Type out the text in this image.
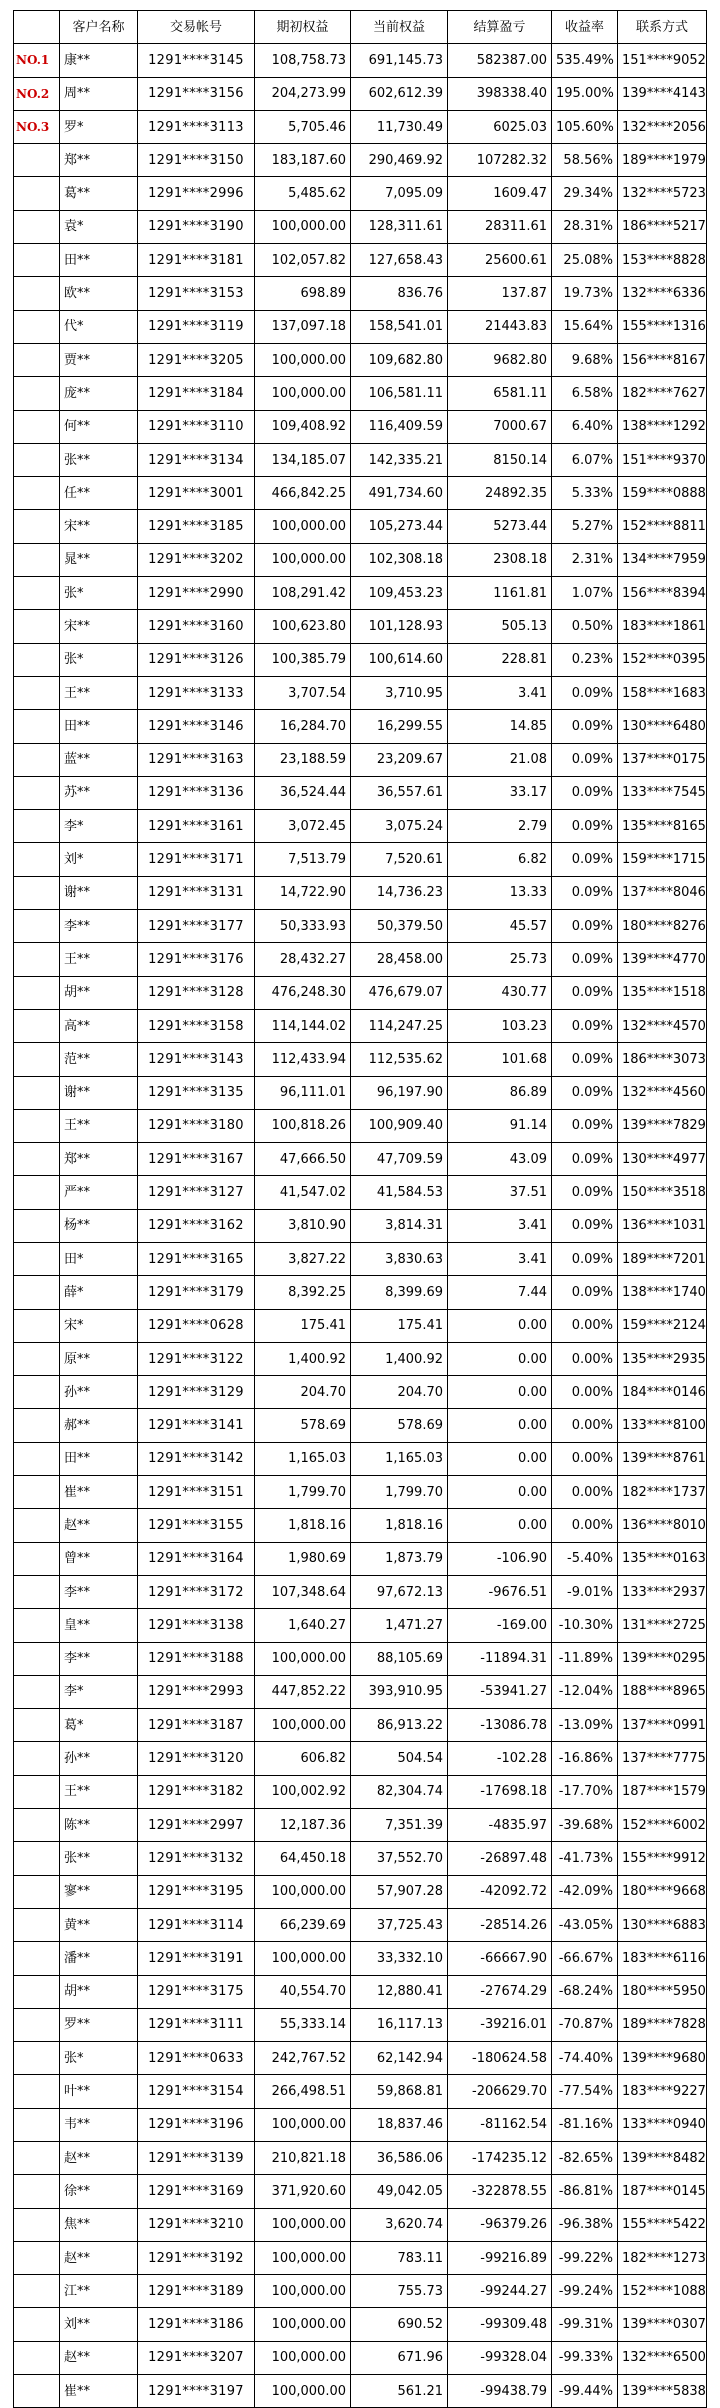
	客户名称	交易帐号	期初权益	当前权益	结算盈亏	收益率	联系方式
NO.1	康**	1291****3145	108,758.73	691,145.73	582387.00	535.49%	151****9052
NO.2	周**	1291****3156	204,273.99	602,612.39	398338.40	195.00%	139****4143
NO.3	罗*	1291****3113	5,705.46	11,730.49	6025.03	105.60%	132****2056
	郑**	1291****3150	183,187.60	290,469.92	107282.32	58.56%	189****1979
	葛**	1291****2996	5,485.62	7,095.09	1609.47	29.34%	132****5723
	袁*	1291****3190	100,000.00	128,311.61	28311.61	28.31%	186****5217
	田**	1291****3181	102,057.82	127,658.43	25600.61	25.08%	153****8828
	欧**	1291****3153	698.89	836.76	137.87	19.73%	132****6336
	代*	1291****3119	137,097.18	158,541.01	21443.83	15.64%	155****1316
	贾**	1291****3205	100,000.00	109,682.80	9682.80	9.68%	156****8167
	庞**	1291****3184	100,000.00	106,581.11	6581.11	6.58%	182****7627
	何**	1291****3110	109,408.92	116,409.59	7000.67	6.40%	138****1292
	张**	1291****3134	134,185.07	142,335.21	8150.14	6.07%	151****9370
	任**	1291****3001	466,842.25	491,734.60	24892.35	5.33%	159****0888
	宋**	1291****3185	100,000.00	105,273.44	5273.44	5.27%	152****8811
	晁**	1291****3202	100,000.00	102,308.18	2308.18	2.31%	134****7959
	张*	1291****2990	108,291.42	109,453.23	1161.81	1.07%	156****8394
	宋**	1291****3160	100,623.80	101,128.93	505.13	0.50%	183****1861
	张*	1291****3126	100,385.79	100,614.60	228.81	0.23%	152****0395
	王**	1291****3133	3,707.54	3,710.95	3.41	0.09%	158****1683
	田**	1291****3146	16,284.70	16,299.55	14.85	0.09%	130****6480
	蓝**	1291****3163	23,188.59	23,209.67	21.08	0.09%	137****0175
	苏**	1291****3136	36,524.44	36,557.61	33.17	0.09%	133****7545
	李*	1291****3161	3,072.45	3,075.24	2.79	0.09%	135****8165
	刘*	1291****3171	7,513.79	7,520.61	6.82	0.09%	159****1715
	谢**	1291****3131	14,722.90	14,736.23	13.33	0.09%	137****8046
	李**	1291****3177	50,333.93	50,379.50	45.57	0.09%	180****8276
	王**	1291****3176	28,432.27	28,458.00	25.73	0.09%	139****4770
	胡**	1291****3128	476,248.30	476,679.07	430.77	0.09%	135****1518
	高**	1291****3158	114,144.02	114,247.25	103.23	0.09%	132****4570
	范**	1291****3143	112,433.94	112,535.62	101.68	0.09%	186****3073
	谢**	1291****3135	96,111.01	96,197.90	86.89	0.09%	132****4560
	王**	1291****3180	100,818.26	100,909.40	91.14	0.09%	139****7829
	郑**	1291****3167	47,666.50	47,709.59	43.09	0.09%	130****4977
	严**	1291****3127	41,547.02	41,584.53	37.51	0.09%	150****3518
	杨**	1291****3162	3,810.90	3,814.31	3.41	0.09%	136****1031
	田*	1291****3165	3,827.22	3,830.63	3.41	0.09%	189****7201
	薛*	1291****3179	8,392.25	8,399.69	7.44	0.09%	138****1740
	宋*	1291****0628	175.41	175.41	0.00	0.00%	159****2124
	原**	1291****3122	1,400.92	1,400.92	0.00	0.00%	135****2935
	孙**	1291****3129	204.70	204.70	0.00	0.00%	184****0146
	郝**	1291****3141	578.69	578.69	0.00	0.00%	133****8100
	田**	1291****3142	1,165.03	1,165.03	0.00	0.00%	139****8761
	崔**	1291****3151	1,799.70	1,799.70	0.00	0.00%	182****1737
	赵**	1291****3155	1,818.16	1,818.16	0.00	0.00%	136****8010
	曾**	1291****3164	1,980.69	1,873.79	-106.90	-5.40%	135****0163
	李**	1291****3172	107,348.64	97,672.13	-9676.51	-9.01%	133****2937
	皇**	1291****3138	1,640.27	1,471.27	-169.00	-10.30%	131****2725
	李**	1291****3188	100,000.00	88,105.69	-11894.31	-11.89%	139****0295
	李*	1291****2993	447,852.22	393,910.95	-53941.27	-12.04%	188****8965
	葛*	1291****3187	100,000.00	86,913.22	-13086.78	-13.09%	137****0991
	孙**	1291****3120	606.82	504.54	-102.28	-16.86%	137****7775
	王**	1291****3182	100,002.92	82,304.74	-17698.18	-17.70%	187****1579
	陈**	1291****2997	12,187.36	7,351.39	-4835.97	-39.68%	152****6002
	张**	1291****3132	64,450.18	37,552.70	-26897.48	-41.73%	155****9912
	寥**	1291****3195	100,000.00	57,907.28	-42092.72	-42.09%	180****9668
	黄**	1291****3114	66,239.69	37,725.43	-28514.26	-43.05%	130****6883
	潘**	1291****3191	100,000.00	33,332.10	-66667.90	-66.67%	183****6116
	胡**	1291****3175	40,554.70	12,880.41	-27674.29	-68.24%	180****5950
	罗**	1291****3111	55,333.14	16,117.13	-39216.01	-70.87%	189****7828
	张*	1291****0633	242,767.52	62,142.94	-180624.58	-74.40%	139****9680
	叶**	1291****3154	266,498.51	59,868.81	-206629.70	-77.54%	183****9227
	韦**	1291****3196	100,000.00	18,837.46	-81162.54	-81.16%	133****0940
	赵**	1291****3139	210,821.18	36,586.06	-174235.12	-82.65%	139****8482
	徐**	1291****3169	371,920.60	49,042.05	-322878.55	-86.81%	187****0145
	焦**	1291****3210	100,000.00	3,620.74	-96379.26	-96.38%	155****5422
	赵**	1291****3192	100,000.00	783.11	-99216.89	-99.22%	182****1273
	江**	1291****3189	100,000.00	755.73	-99244.27	-99.24%	152****1088
	刘**	1291****3186	100,000.00	690.52	-99309.48	-99.31%	139****0307
	赵**	1291****3207	100,000.00	671.96	-99328.04	-99.33%	132****6500
	崔**	1291****3197	100,000.00	561.21	-99438.79	-99.44%	139****5838
